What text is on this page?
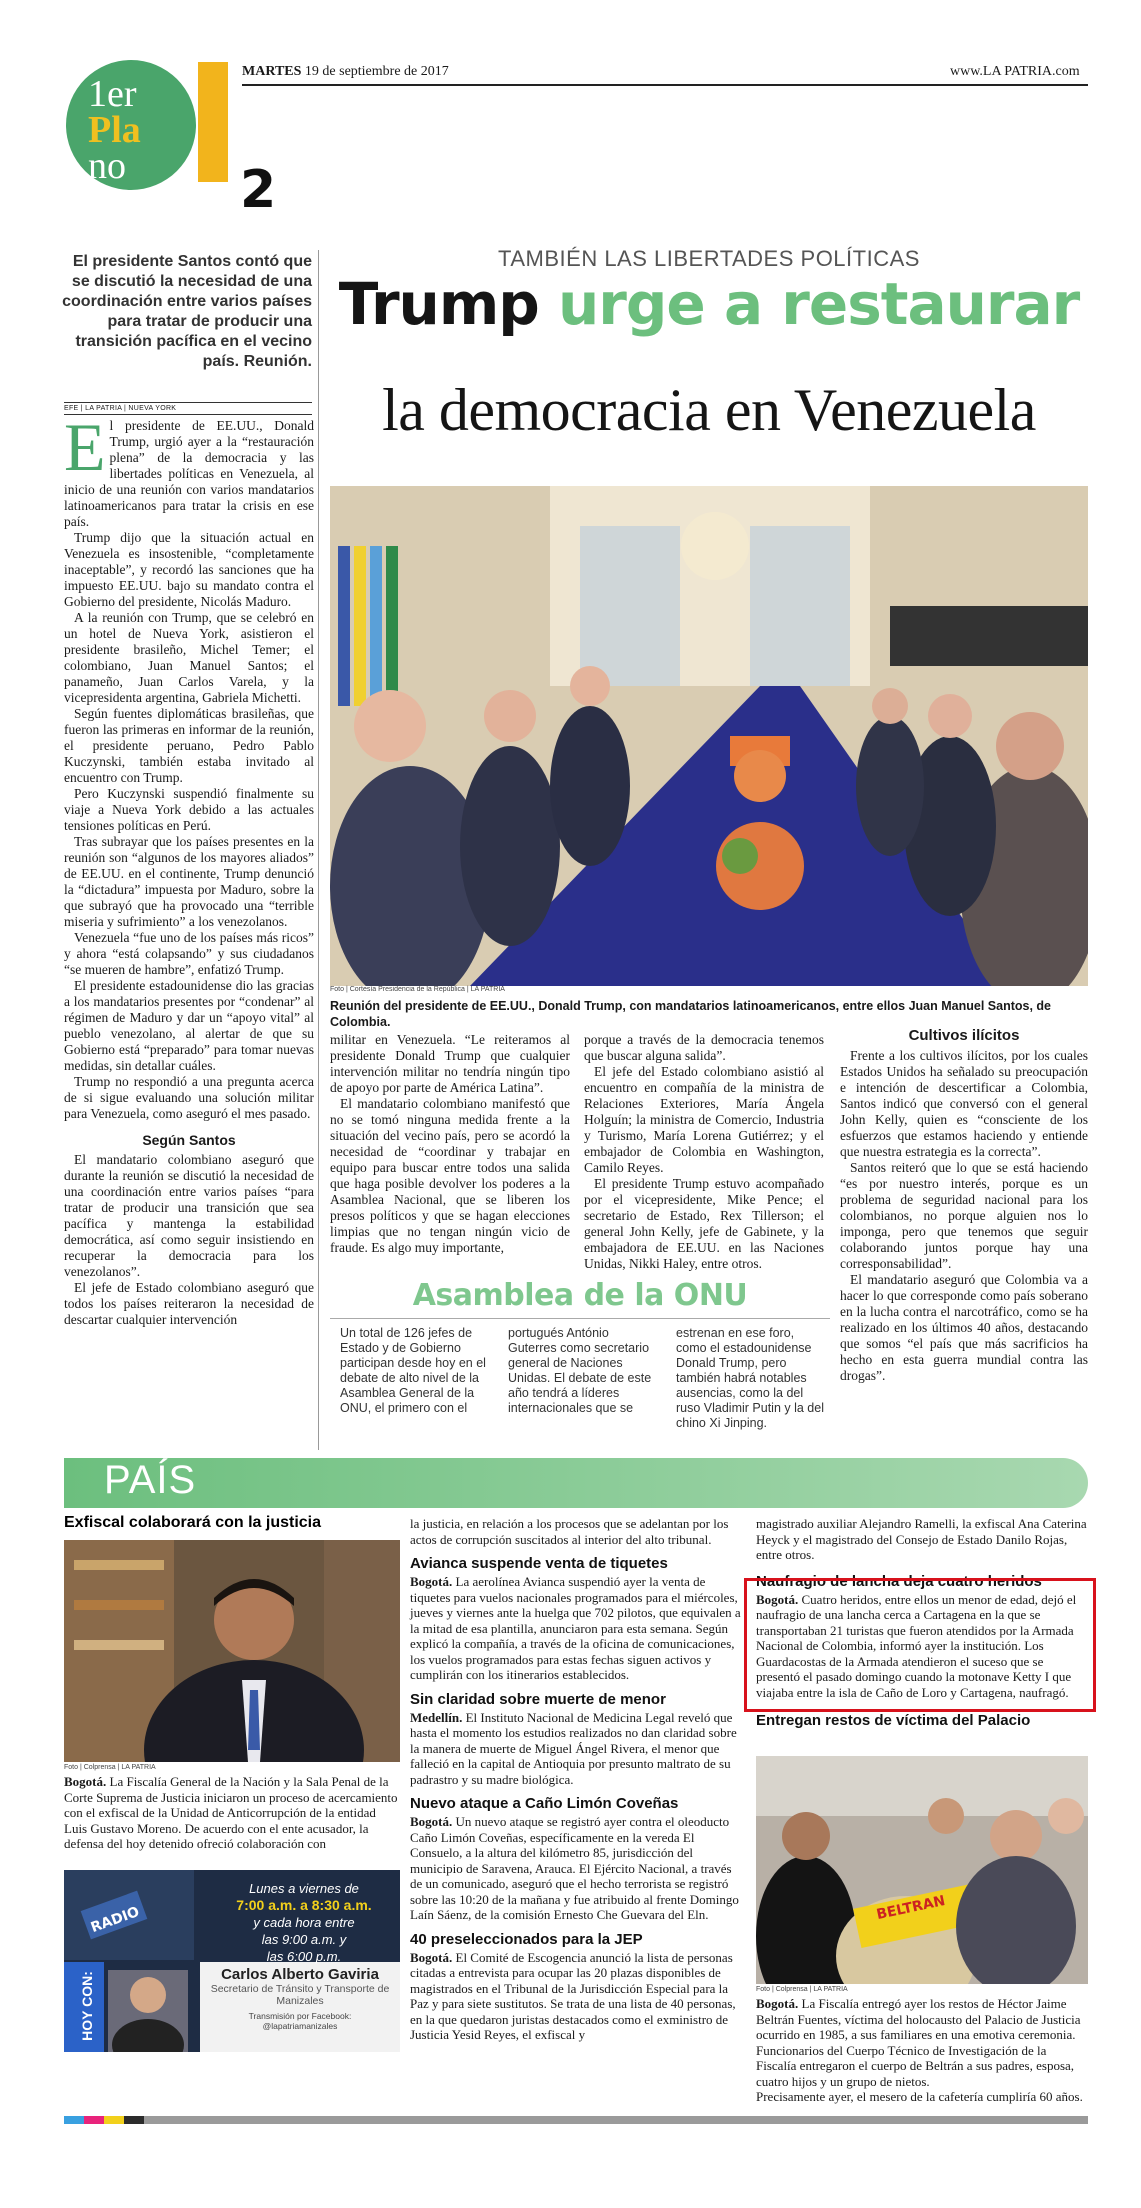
1er
Pla
no	2
MARTES 19 de septiembre de 2017	www.LA PATRIA.com
El presidente Santos contó que se discutió la necesidad de una coordinación entre varios países para tratar de producir una transición pacífica en el vecino país. Reunión.
EFE | LA PATRIA | NUEVA YORK

El presidente de EE.UU., Donald Trump, urgió ayer a la “restauración plena” de la democracia y las libertades políticas en Venezuela, al inicio de una reunión con varios mandatarios latinoamericanos para tratar la crisis en ese país.

Trump dijo que la situación actual en Venezuela es insostenible, “completamente inaceptable”, y recordó las sanciones que ha impuesto EE.UU. bajo su mandato contra el Gobierno del presidente, Nicolás Maduro.

A la reunión con Trump, que se celebró en un hotel de Nueva York, asistieron el presidente brasileño, Michel Temer; el colombiano, Juan Manuel Santos; el panameño, Juan Carlos Varela, y la vicepresidenta argentina, Gabriela Michetti.

Según fuentes diplomáticas brasileñas, que fueron las primeras en informar de la reunión, el presidente peruano, Pedro Pablo Kuczynski, también estaba invitado al encuentro con Trump.

Pero Kuczynski suspendió finalmente su viaje a Nueva York debido a las actuales tensiones políticas en Perú.

Tras subrayar que los países presentes en la reunión son “algunos de los mayores aliados” de EE.UU. en el continente, Trump denunció la “dictadura” impuesta por Maduro, sobre la que subrayó que ha provocado una “terrible miseria y sufrimiento” a los venezolanos.

Venezuela “fue uno de los países más ricos” y ahora “está colapsando” y sus ciudadanos “se mueren de hambre”, enfatizó Trump.

El presidente estadounidense dio las gracias a los mandatarios presentes por “condenar” al régimen de Maduro y dar un “apoyo vital” al pueblo venezolano, al alertar de que su Gobierno está “preparado” para tomar nuevas medidas, sin detallar cuáles.

Trump no respondió a una pregunta acerca de si sigue evaluando una solución militar para Venezuela, como aseguró el mes pasado.

Según Santos

El mandatario colombiano aseguró que durante la reunión se discutió la necesidad de una coordinación entre varios países “para tratar de producir una transición que sea pacífica y mantenga la estabilidad democrática, así como seguir insistiendo en recuperar la democracia para los venezolanos”.

El jefe de Estado colombiano aseguró que todos los países reiteraron la necesidad de descartar cualquier intervención

TAMBIÉN LAS LIBERTADES POLÍTICAS
Trump urge a restaurar
la democracia en Venezuela
Foto | Cortesía Presidencia de la República | LA PATRIA
Reunión del presidente de EE.UU., Donald Trump, con mandatarios latinoamericanos, entre ellos Juan Manuel Santos, de Colombia.

militar en Venezuela. “Le reiteramos al presidente Donald Trump que cualquier intervención militar no tendría ningún tipo de apoyo por parte de América Latina”.

El mandatario colombiano manifestó que no se tomó ninguna medida frente a la situación del vecino país, pero se acordó la necesidad de “coordinar y trabajar en equipo para buscar entre todos una salida que haga posible devolver los poderes a la Asamblea Nacional, que se liberen los presos políticos y que se hagan elecciones limpias que no tengan ningún vicio de fraude. Es algo muy importante,

porque a través de la democracia tenemos que buscar alguna salida”.

El jefe del Estado colombiano asistió al encuentro en compañía de la ministra de Relaciones Exteriores, María Ángela Holguín; la ministra de Comercio, Industria y Turismo, María Lorena Gutiérrez; y el embajador de Colombia en Washington, Camilo Reyes.

El presidente Trump estuvo acompañado por el vicepresidente, Mike Pence; el secretario de Estado, Rex Tillerson; el general John Kelly, jefe de Gabinete, y la embajadora de EE.UU. en las Naciones Unidas, Nikki Haley, entre otros.

Cultivos ilícitos

Frente a los cultivos ilícitos, por los cuales Estados Unidos ha señalado su preocupación e intención de descertificar a Colombia, Santos indicó que conversó con el general John Kelly, quien es “consciente de los esfuerzos que estamos haciendo y entiende que nuestra estrategia es la correcta”.

Santos reiteró que lo que se está haciendo “es por nuestro interés, porque es un problema de seguridad nacional para los colombianos, no porque alguien nos lo imponga, pero que tenemos que seguir colaborando juntos porque hay una corresponsabilidad”.

El mandatario aseguró que Colombia va a hacer lo que corresponde como país soberano en la lucha contra el narcotráfico, como se ha realizado en los últimos 40 años, destacando que somos “el país que más sacrificios ha hecho en esta guerra mundial contra las drogas”.

Asamblea de la ONU
Un total de 126 jefes de Estado y de Gobierno participan desde hoy en el debate de alto nivel de la Asamblea General de la ONU, el primero con el
portugués António Guterres como secretario general de Naciones Unidas. El debate de este año tendrá a líderes internacionales que se
estrenan en ese foro, como el estadounidense Donald Trump, pero también habrá notables ausencias, como la del ruso Vladimir Putin y la del chino Xi Jinping.
PAÍS
Exfiscal colaborará con la justicia
Foto | Colprensa | LA PATRIA
Bogotá. La Fiscalía General de la Nación y la Sala Penal de la Corte Suprema de Justicia iniciaron un proceso de acercamiento con el exfiscal de la Unidad de Anticorrupción de la entidad Luis Gustavo Moreno. De acuerdo con el ente acusador, la defensa del hoy detenido ofreció colaboración con
Lunes a viernes de
7:00 a.m. a 8:30 a.m.
y cada hora entre
las 9:00 a.m. y
las 6:00 p.m.
RADIO
HOY CON:	Carlos Alberto Gaviria
Secretario de Tránsito y Transporte de Manizales
Transmisión por Facebook:
@lapatriamanizales
la justicia, en relación a los procesos que se adelantan por los actos de corrupción suscitados al interior del alto tribunal.
Avianca suspende venta de tiquetes
Bogotá. La aerolínea Avianca suspendió ayer la venta de tiquetes para vuelos nacionales programados para el miércoles, jueves y viernes ante la huelga que 702 pilotos, que equivalen a la mitad de esa plantilla, anunciaron para esta semana. Según explicó la compañía, a través de la oficina de comunicaciones, los vuelos programados para estas fechas siguen activos y cumplirán con los itinerarios establecidos.
Sin claridad sobre muerte de menor
Medellín. El Instituto Nacional de Medicina Legal reveló que hasta el momento los estudios realizados no dan claridad sobre la manera de muerte de Miguel Ángel Rivera, el menor que falleció en la capital de Antioquia por presunto maltrato de su padrastro y su madre biológica.
Nuevo ataque a Caño Limón Coveñas
Bogotá. Un nuevo ataque se registró ayer contra el oleoducto Caño Limón Coveñas, específicamente en la vereda El Consuelo, a la altura del kilómetro 85, jurisdicción del municipio de Saravena, Arauca. El Ejército Nacional, a través de un comunicado, aseguró que el hecho terrorista se registró sobre las 10:20 de la mañana y fue atribuido al frente Domingo Laín Sáenz, de la comisión Ernesto Che Guevara del Eln.
40 preseleccionados para la JEP
Bogotá. El Comité de Escogencia anunció la lista de personas citadas a entrevista para ocupar las 20 plazas disponibles de magistrados en el Tribunal de la Jurisdicción Especial para la Paz y para siete sustitutos. Se trata de una lista de 40 personas, en la que quedaron juristas destacados como el exministro de Justicia Yesid Reyes, el exfiscal y
magistrado auxiliar Alejandro Ramelli, la exfiscal Ana Caterina Heyck y el magistrado del Consejo de Estado Danilo Rojas, entre otros.
Naufragio de lancha deja cuatro heridos
Bogotá. Cuatro heridos, entre ellos un menor de edad, dejó el naufragio de una lancha cerca a Cartagena en la que se transportaban 21 turistas que fueron atendidos por la Armada Nacional de Colombia, informó ayer la institución. Los Guardacostas de la Armada atendieron el suceso que se presentó el pasado domingo cuando la motonave Ketty I que viajaba entre la isla de Caño de Loro y Cartagena, naufragó.
Entregan restos de víctima del Palacio
BELTRAN
Foto | Colprensa | LA PATRIA
Bogotá. La Fiscalía entregó ayer los restos de Héctor Jaime Beltrán Fuentes, víctima del holocausto del Palacio de Justicia ocurrido en 1985, a sus familiares en una emotiva ceremonia. Funcionarios del Cuerpo Técnico de Investigación de la Fiscalía entregaron el cuerpo de Beltrán a sus padres, esposa, cuatro hijos y un grupo de nietos.
Precisamente ayer, el mesero de la cafetería cumpliría 60 años.
